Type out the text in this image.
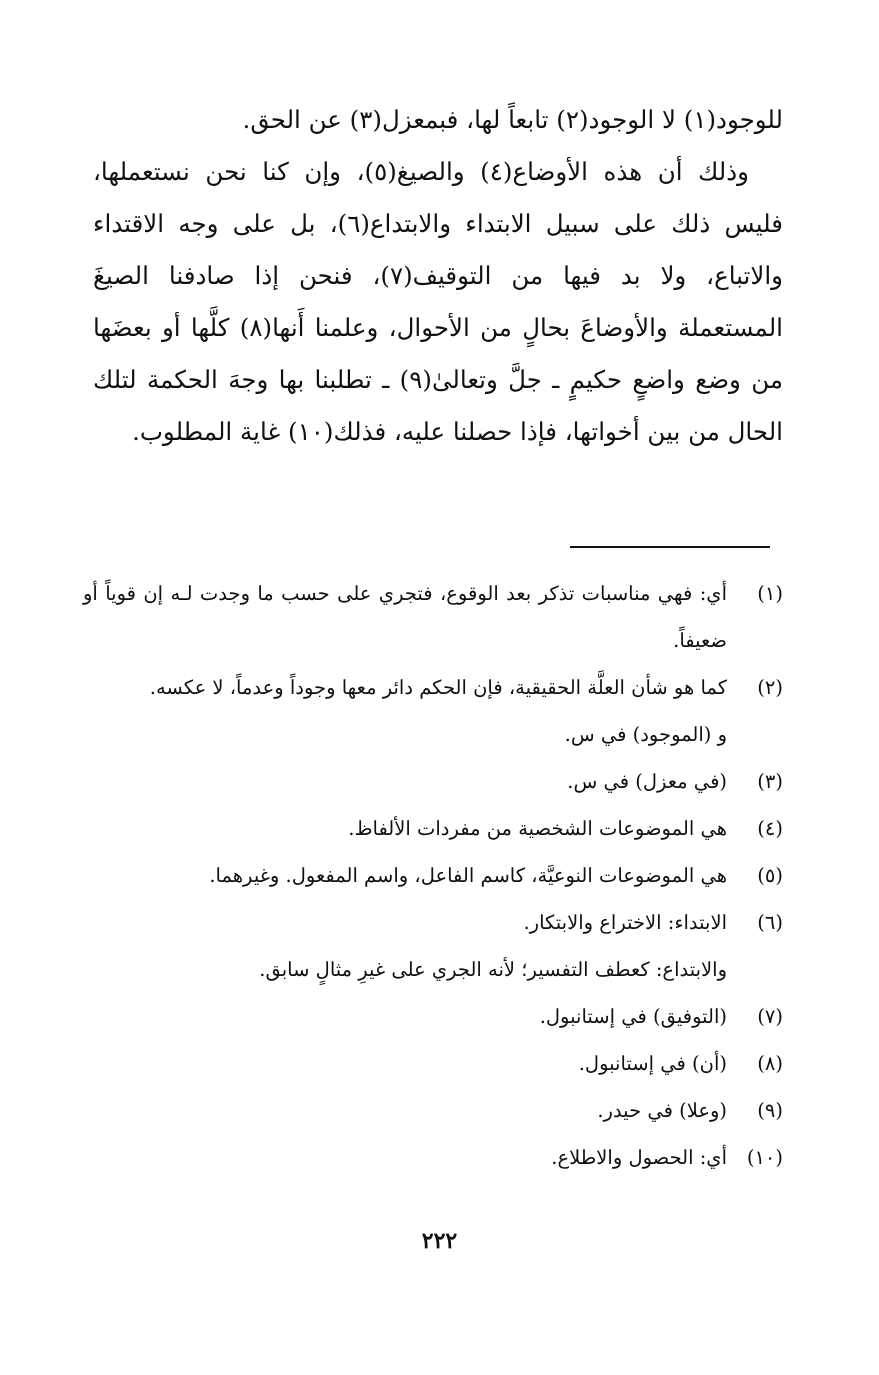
للوجود(١) لا الوجود(٢) تابعاً لها، فبمعزل(٣) عن الحق.

وذلك أن هذه الأوضاع(٤) والصيغ(٥)، وإن كنا نحن نستعملها، فليس ذلك على سبيل الابتداء والابتداع(٦)، بل على وجه الاقتداء والاتباع، ولا بد فيها من التوقيف(٧)، فنحن إذا صادفنا الصيغَ المستعملة والأوضاعَ بحالٍ من الأحوال، وعلمنا أَنها(٨) كلَّها أو بعضَها من وضع واضعٍ حكيمٍ ـ جلَّ وتعالىٰ(٩) ـ تطلبنا بها وجهَ الحكمة لتلك الحال من بين أخواتها، فإذا حصلنا عليه، فذلك(١٠) غاية المطلوب.

(١)
أي: فهي مناسبات تذكر بعد الوقوع، فتجري على حسب ما وجدت لـه إن قوياً أو ضعيفاً.
(٢)
كما هو شأن العلَّة الحقيقية، فإن الحكم دائر معها وجوداً وعدماً، لا عكسه.
و (الموجود) في س.
(٣)
(في معزل) في س.
(٤)
هي الموضوعات الشخصية من مفردات الألفاظ.
(٥)
هي الموضوعات النوعيَّة، كاسم الفاعل، واسم المفعول. وغيرهما.
(٦)
الابتداء: الاختراع والابتكار.
والابتداع: كعطف التفسير؛ لأنه الجري على غيرِ مثالٍ سابق.
(٧)
(التوفيق) في إستانبول.
(٨)
(أن) في إستانبول.
(٩)
(وعلا) في حيدر.
(١٠)
أي: الحصول والاطلاع.
٢٢٢
